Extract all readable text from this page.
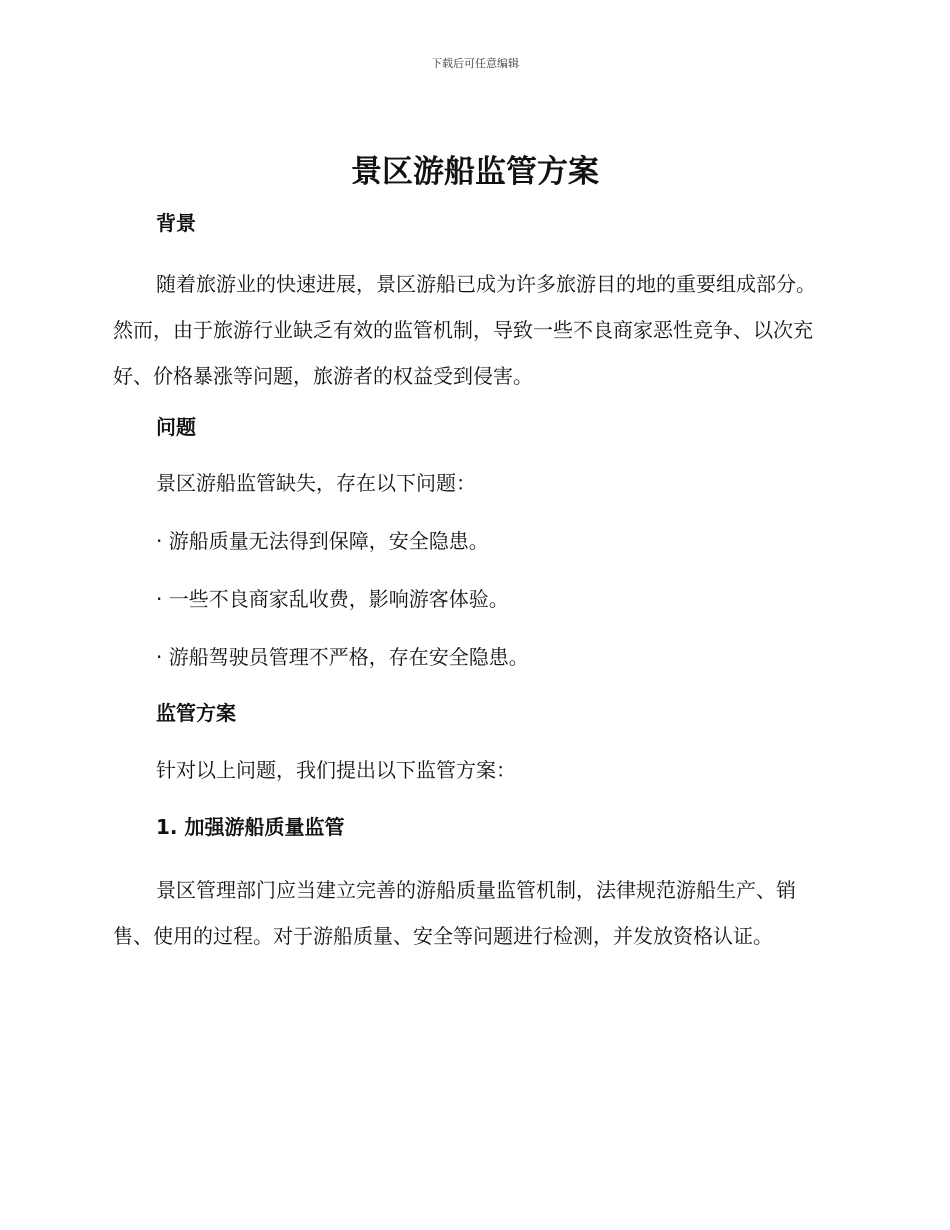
下载后可任意编辑
景区游船监管方案
背景

随着旅游业的快速进展，景区游船已成为许多旅游目的地的重要组成部分。然而，由于旅游行业缺乏有效的监管机制，导致一些不良商家恶性竞争、以次充好、价格暴涨等问题，旅游者的权益受到侵害。

问题
景区游船监管缺失，存在以下问题：
· 游船质量无法得到保障，安全隐患。
· 一些不良商家乱收费，影响游客体验。
· 游船驾驶员管理不严格，存在安全隐患。
监管方案
针对以上问题，我们提出以下监管方案：
1. 加强游船质量监管

景区管理部门应当建立完善的游船质量监管机制，法律规范游船生产、销售、使用的过程。对于游船质量、安全等问题进行检测，并发放资格认证。
